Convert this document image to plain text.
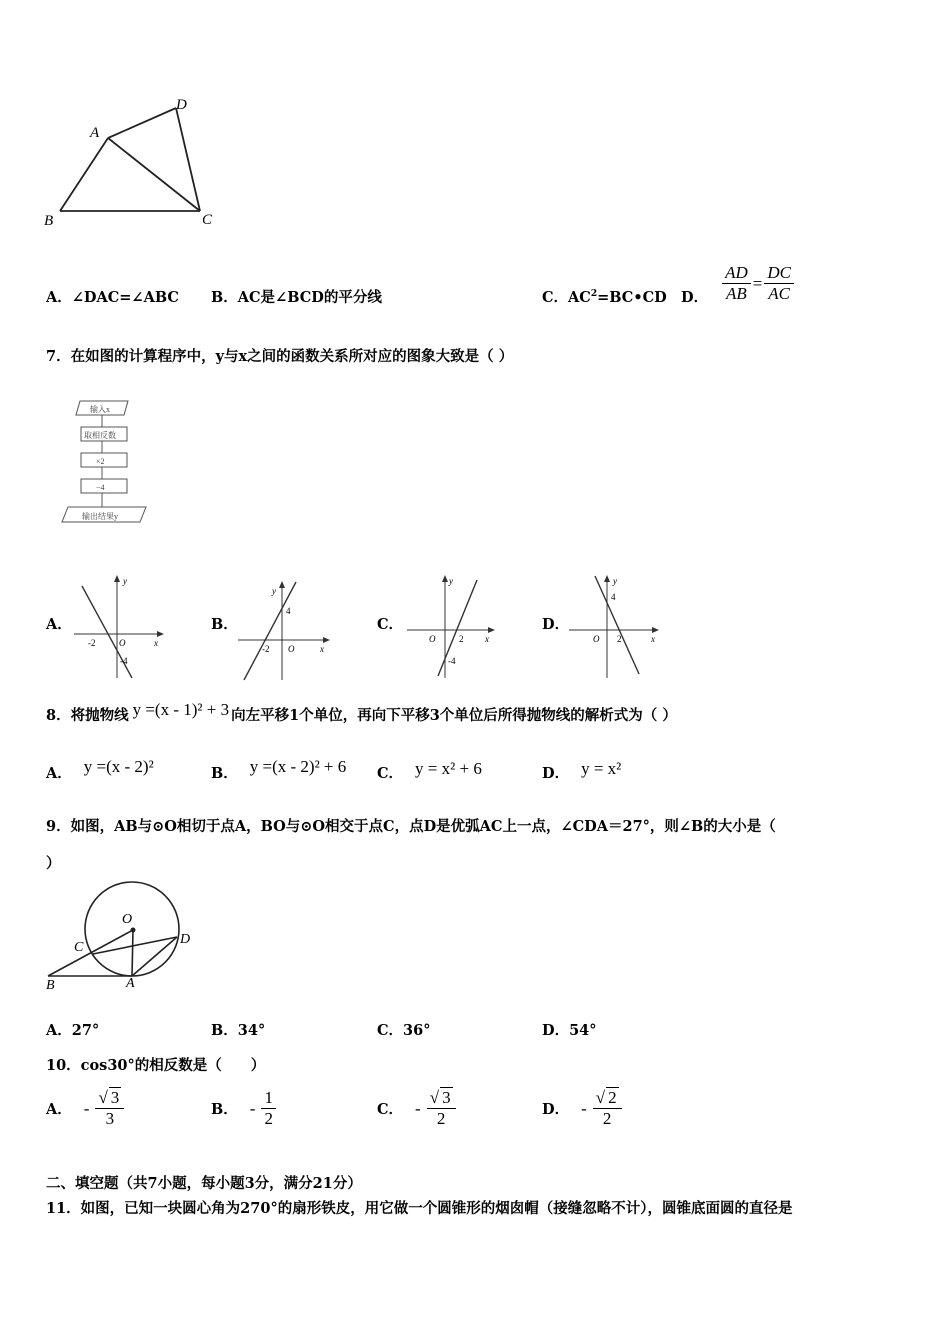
A
D
B	C
A．∠DAC=∠ABC B．AC是∠BCD的平分线	C．$AC^2=BC•CD$ D． $\frac{AD}{AB} = \frac{DC}{AC}$
7．在如图的计算程序中，y与x之间的函数关系所对应的图象大致是（ ）
输入x
取相反数
×2
−4
输出结果y
A．	B．	C．	D．
y
x
O
-2
-4
y
x
O
4
-2
y
x
O	2
-4
y
x
O
4
2
8．将抛物线 y =(x - 1)² + 3 向左平移1个单位，再向下平移3个单位后所得抛物线的解析式为（ ）
A． y =(x - 2)²	B． y =(x - 2)² + 6 C． y = x² + 6	D． y = x²
9．如图，AB与⊙O相切于点A，BO与⊙O相交于点C，点D是优弧AC上一点，∠CDA＝27°，则∠B的大小是（
）
O
C
D
B	A
A．27°	B．34°	C．36°	D．54°
10．cos30°的相反数是（　　）
A． - $\frac{√ 3}{3}$	B． - $\frac{1}{2}$	C． - $\frac{√ 3}{2}$	D． - $\frac{√ 2}{2}$
二、填空题（共7小题，每小题3分，满分21分）
11．如图，已知一块圆心角为270°的扇形铁皮，用它做一个圆锥形的烟囱帽（接缝忽略不计），圆锥底面圆的直径是
